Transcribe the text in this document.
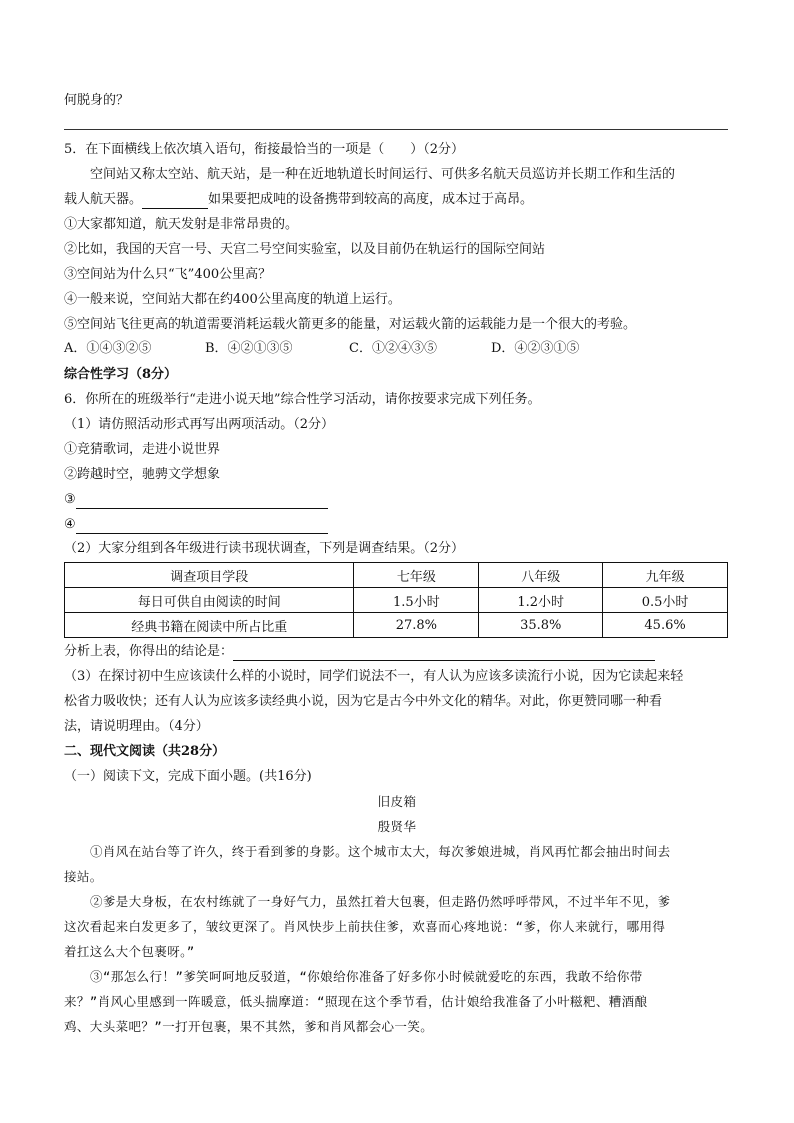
何脱身的？
5．在下面横线上依次填入语句，衔接最恰当的一项是（　　）（2分）
空间站又称太空站、航天站，是一种在近地轨道长时间运行、可供多名航天员巡访并长期工作和生活的
载人航天器。	如果要把成吨的设备携带到较高的高度，成本过于高昂。
①大家都知道，航天发射是非常昂贵的。
②比如，我国的天宫一号、天宫二号空间实验室，以及目前仍在轨运行的国际空间站
③空间站为什么只“飞”400公里高？
④一般来说，空间站大都在约400公里高度的轨道上运行。
⑤空间站飞往更高的轨道需要消耗运载火箭更多的能量，对运载火箭的运载能力是一个很大的考验。
A．①④③②⑤	B．④②①③⑤	C．①②④③⑤	D．④②③①⑤
综合性学习（8分）
6．你所在的班级举行“走进小说天地”综合性学习活动，请你按要求完成下列任务。
（1）请仿照活动形式再写出两项活动。（2分）
①竞猜歌词，走进小说世界
②跨越时空，驰骋文学想象
③
④
（2）大家分组到各年级进行读书现状调查，下列是调查结果。（2分）
调查项目学段	七年级	八年级	九年级
每日可供自由阅读的时间	1.5小时	1.2小时	0.5小时
经典书籍在阅读中所占比重	27.8%	35.8%	45.6%
分析上表，你得出的结论是：
（3）在探讨初中生应该读什么样的小说时，同学们说法不一，有人认为应该多读流行小说，因为它读起来轻
松省力吸收快；还有人认为应该多读经典小说，因为它是古今中外文化的精华。对此，你更赞同哪一种看
法，请说明理由。（4分）
二、现代文阅读（共28分）
（一）阅读下文，完成下面小题。(共16分)
旧皮箱
殷贤华
①肖风在站台等了许久，终于看到爹的身影。这个城市太大，每次爹娘进城，肖风再忙都会抽出时间去
接站。
②爹是大身板，在农村练就了一身好气力，虽然扛着大包裹，但走路仍然呼呼带风，不过半年不见，爹
这次看起来白发更多了，皱纹更深了。肖风快步上前扶住爹，欢喜而心疼地说：“爹，你人来就行，哪用得
着扛这么大个包裹呀。”
③“那怎么行！”爹笑呵呵地反驳道，“你娘给你准备了好多你小时候就爱吃的东西，我敢不给你带
来？”肖风心里感到一阵暖意，低头揣摩道：“照现在这个季节看，估计娘给我准备了小叶糍粑、糟酒酿
鸡、大头菜吧？”一打开包裹，果不其然，爹和肖风都会心一笑。
